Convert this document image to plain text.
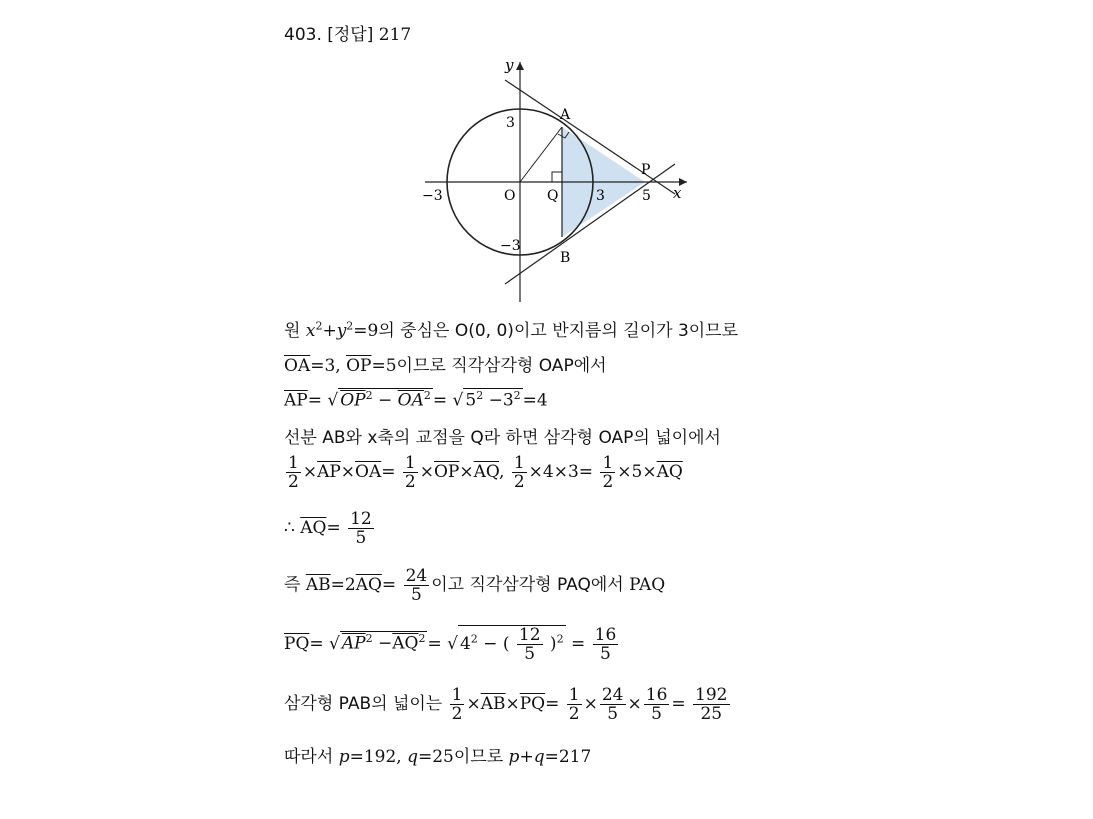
403. [정답] 217
y
x
A
B
P
Q
O
3
−3
−3	3	5
원 $x^2+y^2=9$의 중심은 O(0, 0)이고 반지름의 길이가 3이므로
$\overline{OA}=3$, $\overline{OP}=5$이므로 직각삼각형 OAP에서
$\overline{AP}=$ √ $OP^2 - \overline{OA}^2$ = √ $5^2 -3^2 =4$
선분 AB와 x축의 교점을 Q라 하면 삼각형 OAP의 넓이에서
$\frac{1}{2} \times\overline{AP}\times\overline{OA}= \frac{1}{2} \times\overline{OP}\times\overline{AQ}$, $\frac{1}{2} \times 4\times 3= \frac{1}{2} \times 5\times\overline{AQ}$
∴ $\overline{AQ}= \frac{12}{5}$
즉 $\overline{AB}=2\overline{AQ}= \frac{24}{5}$ 이고 직각삼각형 PAQ에서 PAQ
$\overline{PQ}=$ √ $AP^2 -\overline{AQ}^2$ = √ $4^2$ − ( $\frac{12}{5} )^2 = \frac{16}{5}$
삼각형 PAB의 넓이는 $\frac{1}{2} \times\overline{AB}\times\overline{PQ}= \frac{1}{2} \times \frac{24}{5} \times \frac{16}{5} = \frac{192}{25}$
따라서 p=192, q=25이므로 p+q=217
